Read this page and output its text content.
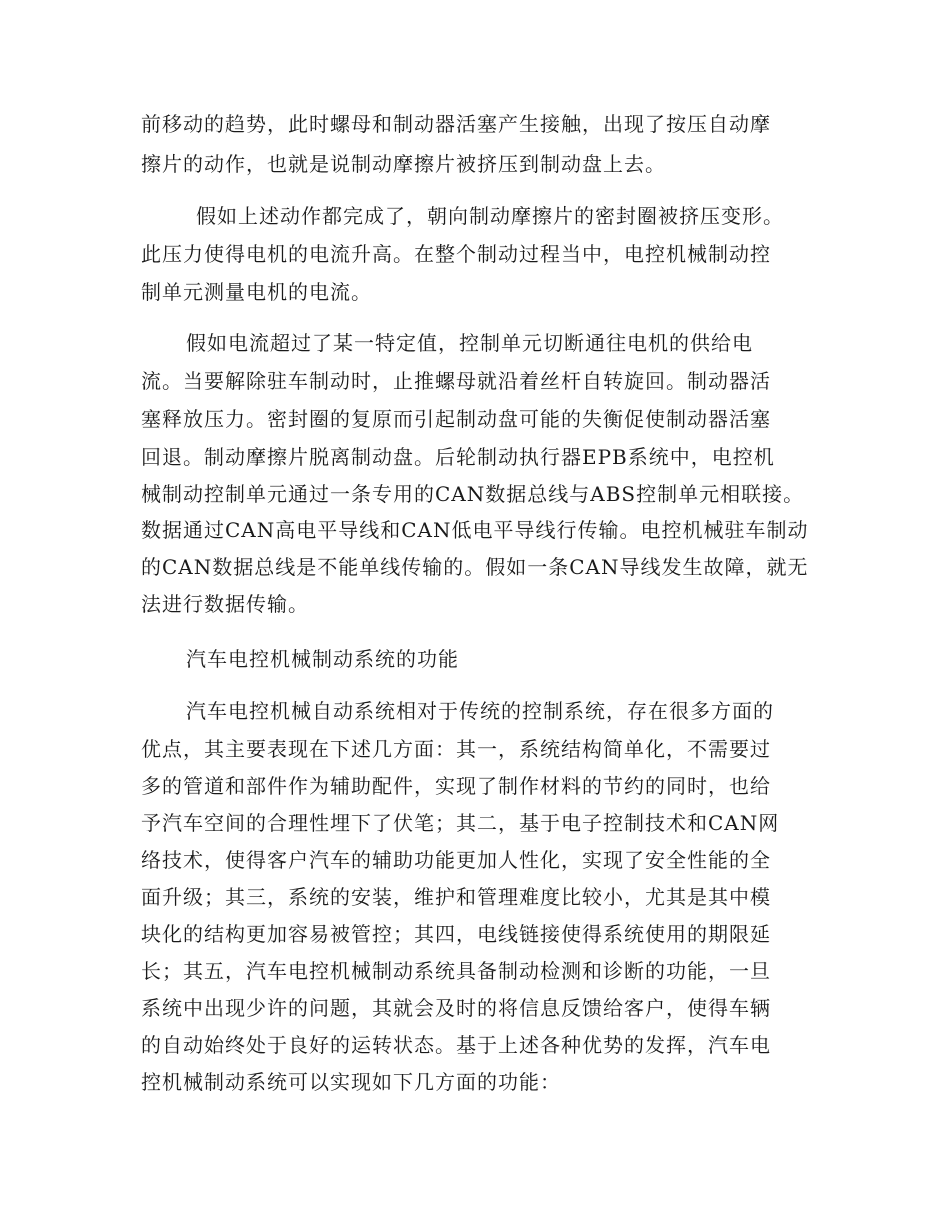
前移动的趋势，此时螺母和制动器活塞产生接触，出现了按压自动摩
擦片的动作，也就是说制动摩擦片被挤压到制动盘上去。
假如上述动作都完成了，朝向制动摩擦片的密封圈被挤压变形。
此压力使得电机的电流升高。在整个制动过程当中，电控机械制动控
制单元测量电机的电流。
假如电流超过了某一特定值，控制单元切断通往电机的供给电
流。当要解除驻车制动时，止推螺母就沿着丝杆自转旋回。制动器活
塞释放压力。密封圈的复原而引起制动盘可能的失衡促使制动器活塞
回退。制动摩擦片脱离制动盘。后轮制动执行器EPB系统中，电控机
械制动控制单元通过一条专用的CAN数据总线与ABS控制单元相联接。
数据通过CAN高电平导线和CAN低电平导线行传输。电控机械驻车制动
的CAN数据总线是不能单线传输的。假如一条CAN导线发生故障，就无
法进行数据传输。
汽车电控机械制动系统的功能
汽车电控机械自动系统相对于传统的控制系统，存在很多方面的
优点，其主要表现在下述几方面：其一，系统结构简单化，不需要过
多的管道和部件作为辅助配件，实现了制作材料的节约的同时，也给
予汽车空间的合理性埋下了伏笔；其二，基于电子控制技术和CAN网
络技术，使得客户汽车的辅助功能更加人性化，实现了安全性能的全
面升级；其三，系统的安装，维护和管理难度比较小，尤其是其中模
块化的结构更加容易被管控；其四，电线链接使得系统使用的期限延
长；其五，汽车电控机械制动系统具备制动检测和诊断的功能，一旦
系统中出现少许的问题，其就会及时的将信息反馈给客户，使得车辆
的自动始终处于良好的运转状态。基于上述各种优势的发挥，汽车电
控机械制动系统可以实现如下几方面的功能：
